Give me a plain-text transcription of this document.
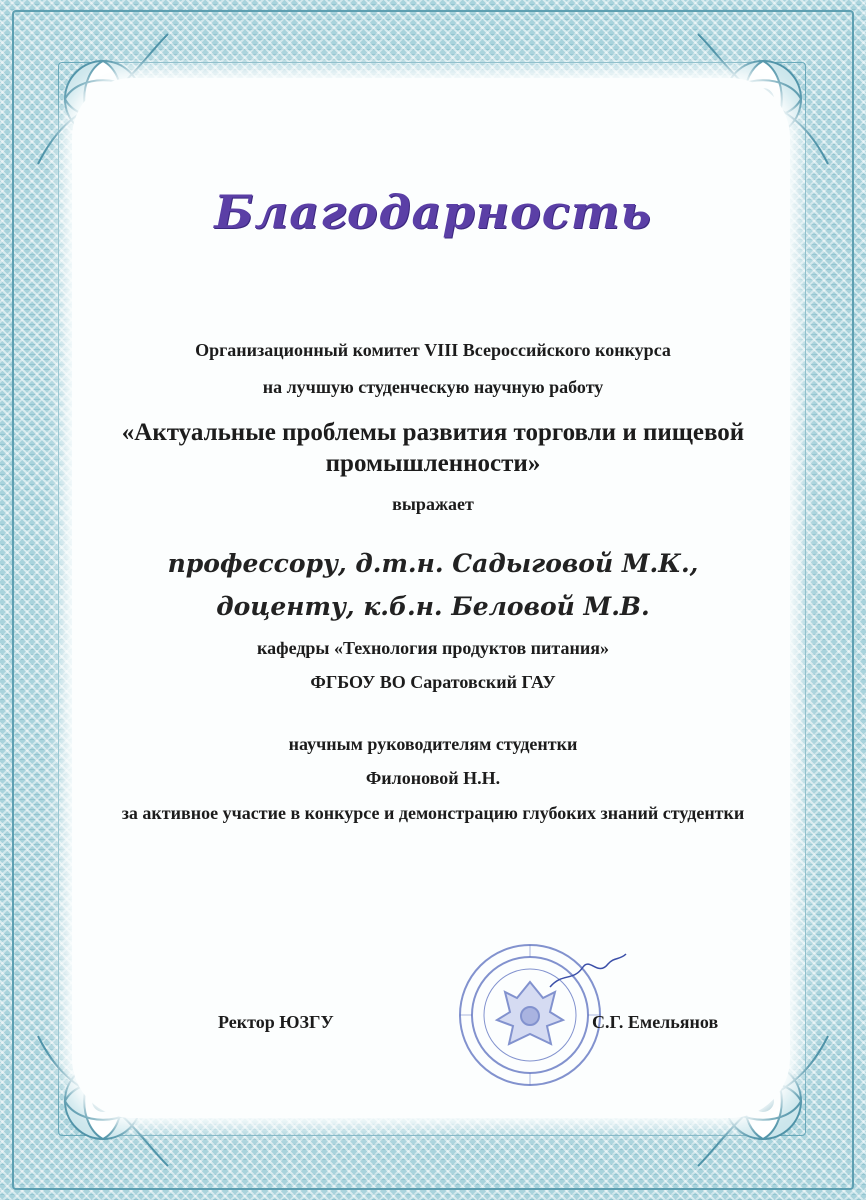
Благодарность
Организационный комитет VIII Всероссийского конкурса
на лучшую студенческую научную работу
«Актуальные проблемы развития торговли и пищевой промышленности»
выражает
профессору, д.т.н. Садыговой М.К.,
доценту, к.б.н. Беловой М.В.
кафедры «Технология продуктов питания»
ФГБОУ ВО Саратовский ГАУ
научным руководителям студентки
Филоновой Н.Н.
за активное участие в конкурсе и демонстрацию глубоких знаний студентки
Ректор ЮЗГУ	С.Г. Емельянов
